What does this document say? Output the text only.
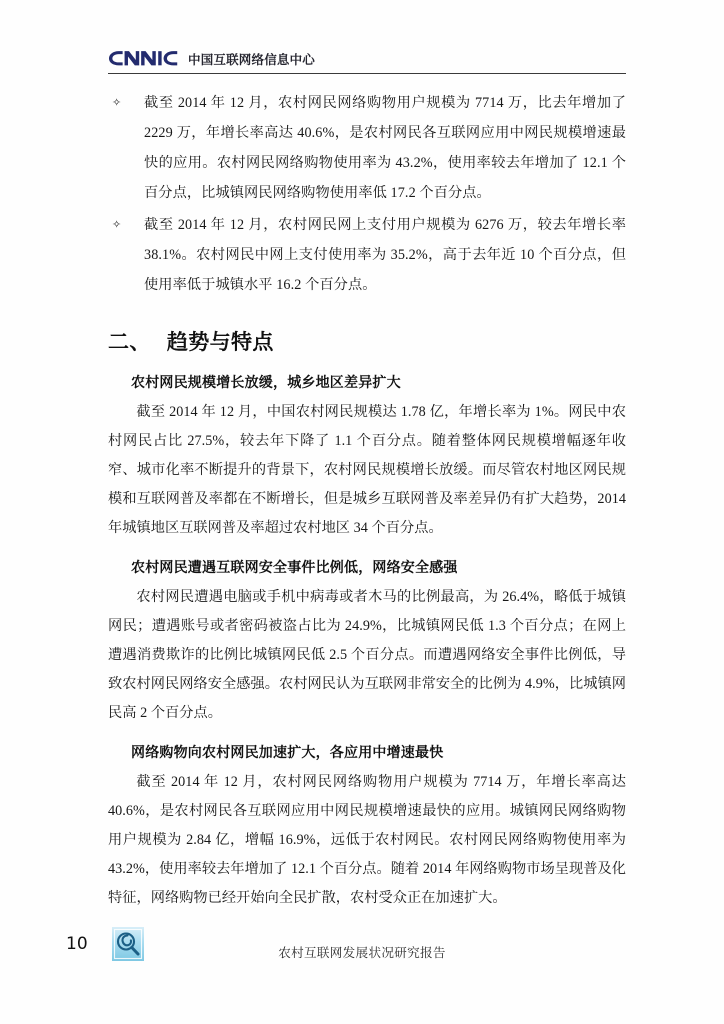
中国互联网络信息中心
✧ 截至 2014 年 12 月，农村网民网络购物用户规模为 7714 万，比去年增加了 2229 万，年增长率高达 40.6%，是农村网民各互联网应用中网民规模增速最快的应用。农村网民网络购物使用率为 43.2%，使用率较去年增加了 12.1 个百分点，比城镇网民网络购物使用率低 17.2 个百分点。
✧ 截至 2014 年 12 月，农村网民网上支付用户规模为 6276 万，较去年增长率 38.1%。农村网民中网上支付使用率为 35.2%，高于去年近 10 个百分点，但使用率低于城镇水平 16.2 个百分点。
二、 趋势与特点
农村网民规模增长放缓，城乡地区差异扩大

截至 2014 年 12 月，中国农村网民规模达 1.78 亿，年增长率为 1%。网民中农村网民占比 27.5%，较去年下降了 1.1 个百分点。随着整体网民规模增幅逐年收窄、城市化率不断提升的背景下，农村网民规模增长放缓。而尽管农村地区网民规模和互联网普及率都在不断增长，但是城乡互联网普及率差异仍有扩大趋势，2014 年城镇地区互联网普及率超过农村地区 34 个百分点。

农村网民遭遇互联网安全事件比例低，网络安全感强

农村网民遭遇电脑或手机中病毒或者木马的比例最高，为 26.4%，略低于城镇网民；遭遇账号或者密码被盗占比为 24.9%，比城镇网民低 1.3 个百分点；在网上遭遇消费欺诈的比例比城镇网民低 2.5 个百分点。而遭遇网络安全事件比例低，导致农村网民网络安全感强。农村网民认为互联网非常安全的比例为 4.9%，比城镇网民高 2 个百分点。

网络购物向农村网民加速扩大，各应用中增速最快

截至 2014 年 12 月，农村网民网络购物用户规模为 7714 万，年增长率高达 40.6%，是农村网民各互联网应用中网民规模增速最快的应用。城镇网民网络购物用户规模为 2.84 亿，增幅 16.9%，远低于农村网民。农村网民网络购物使用率为 43.2%，使用率较去年增加了 12.1 个百分点。随着 2014 年网络购物市场呈现普及化特征，网络购物已经开始向全民扩散，农村受众正在加速扩大。

10	农村互联网发展状况研究报告
